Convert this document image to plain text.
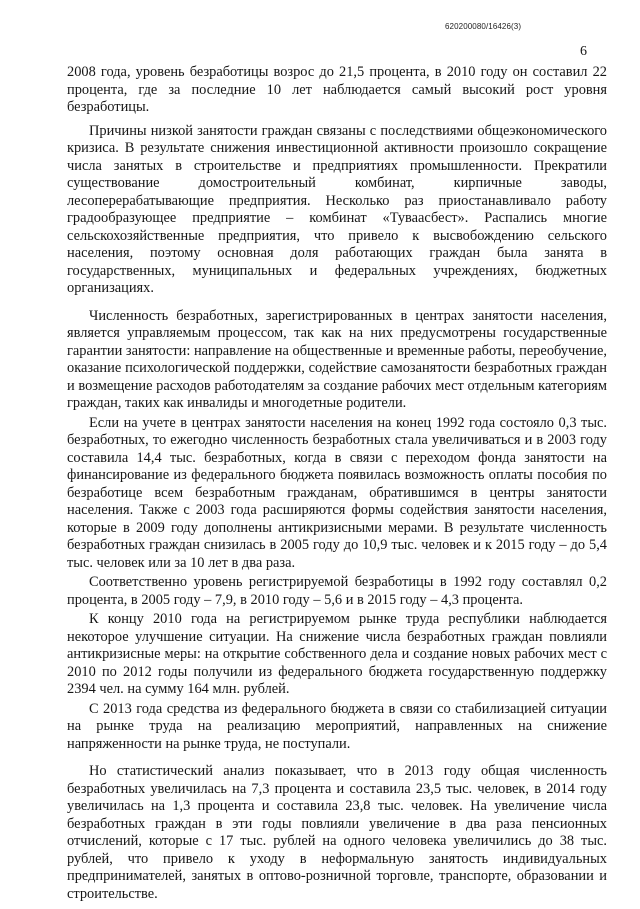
620200080/16426(3)
6

2008 года, уровень безработицы возрос до 21,5 процента, в 2010 году он составил 22 процента, где за последние 10 лет наблюдается самый высокий рост уровня безработицы.

Причины низкой занятости граждан связаны с последствиями общеэкономического кризиса. В результате снижения инвестиционной активности произошло сокращение числа занятых в строительстве и предприятиях промышленности. Прекратили существование домостроительный комбинат, кирпичные заводы, лесоперерабатывающие предприятия. Несколько раз приостанавливало работу градообразующее предприятие – комбинат «Туваасбест». Распались многие сельскохозяйственные предприятия, что привело к высвобождению сельского населения, поэтому основная доля работающих граждан была занята в государственных, муниципальных и федеральных учреждениях, бюджетных организациях.

Численность безработных, зарегистрированных в центрах занятости населения, является управляемым процессом, так как на них предусмотрены государственные гарантии занятости: направление на общественные и временные работы, переобучение, оказание психологической поддержки, содействие самозанятости безработных граждан и возмещение расходов работодателям за создание рабочих мест отдельным категориям граждан, таких как инвалиды и многодетные родители.

Если на учете в центрах занятости населения на конец 1992 года состояло 0,3 тыс. безработных, то ежегодно численность безработных стала увеличиваться и в 2003 году составила 14,4 тыс. безработных, когда в связи с переходом фонда занятости на финансирование из федерального бюджета появилась возможность оплаты пособия по безработице всем безработным гражданам, обратившимся в центры занятости населения. Также с 2003 года расширяются формы содействия занятости населения, которые в 2009 году дополнены антикризисными мерами. В результате численность безработных граждан снизилась в 2005 году до 10,9 тыс. человек и к 2015 году – до 5,4 тыс. человек или за 10 лет в два раза.

Соответственно уровень регистрируемой безработицы в 1992 году составлял 0,2 процента, в 2005 году – 7,9, в 2010 году – 5,6 и в 2015 году – 4,3 процента.

К концу 2010 года на регистрируемом рынке труда республики наблюдается некоторое улучшение ситуации. На снижение числа безработных граждан повлияли антикризисные меры: на открытие собственного дела и создание новых рабочих мест с 2010 по 2012 годы получили из федерального бюджета государственную поддержку 2394 чел. на сумму 164 млн. рублей.

С 2013 года средства из федерального бюджета в связи со стабилизацией ситуации на рынке труда на реализацию мероприятий, направленных на снижение напряженности на рынке труда, не поступали.

Но статистический анализ показывает, что в 2013 году общая численность безработных увеличилась на 7,3 процента и составила 23,5 тыс. человек, в 2014 году увеличилась на 1,3 процента и составила 23,8 тыс. человек. На увеличение числа безработных граждан в эти годы повлияли увеличение в два раза пенсионных отчислений, которые с 17 тыс. рублей на одного человека увеличились до 38 тыс. рублей, что привело к уходу в неформальную занятость индивидуальных предпринимателей, занятых в оптово-розничной торговле, транспорте, образовании и строительстве.
